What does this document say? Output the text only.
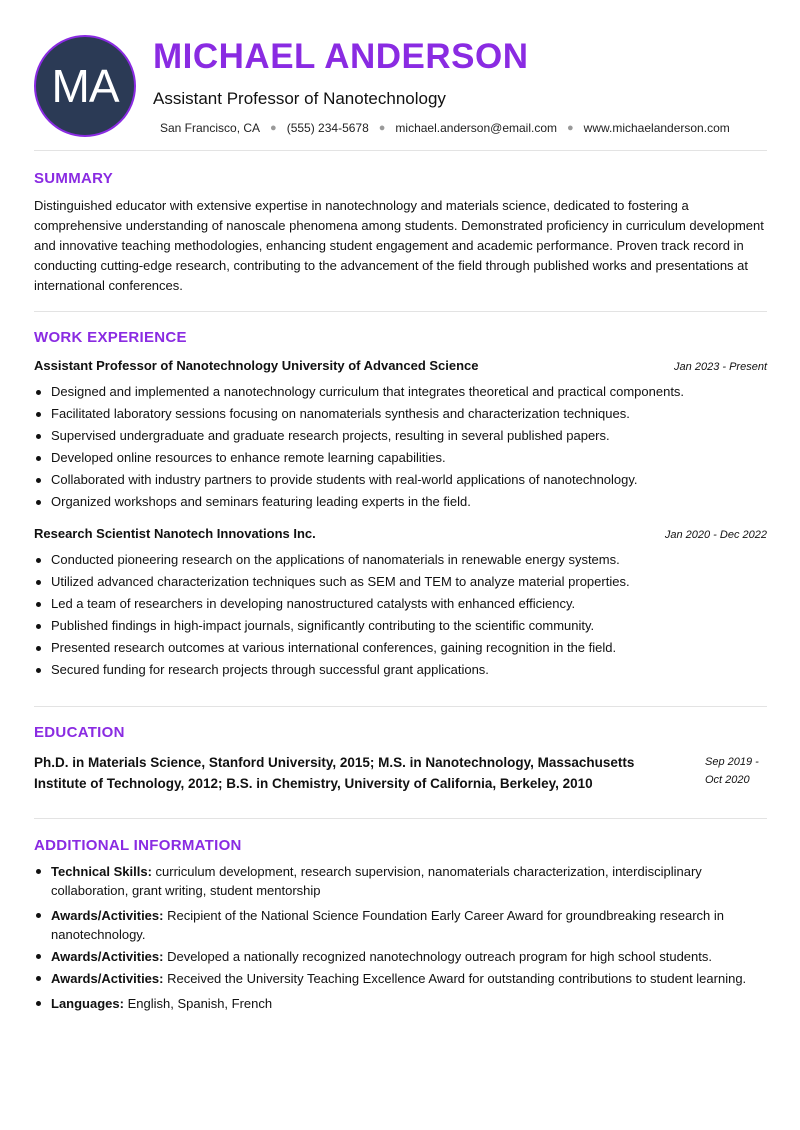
MA
MICHAEL ANDERSON
Assistant Professor of Nanotechnology
San Francisco, CA ● (555) 234-5678 ● michael.anderson@email.com ● www.michaelanderson.com
SUMMARY
Distinguished educator with extensive expertise in nanotechnology and materials science, dedicated to fostering a comprehensive understanding of nanoscale phenomena among students. Demonstrated proficiency in curriculum development and innovative teaching methodologies, enhancing student engagement and academic performance. Proven track record in conducting cutting-edge research, contributing to the advancement of the field through published works and presentations at international conferences.
WORK EXPERIENCE
Assistant Professor of Nanotechnology University of Advanced Science	Jan 2023 - Present
Designed and implemented a nanotechnology curriculum that integrates theoretical and practical components.
Facilitated laboratory sessions focusing on nanomaterials synthesis and characterization techniques.
Supervised undergraduate and graduate research projects, resulting in several published papers.
Developed online resources to enhance remote learning capabilities.
Collaborated with industry partners to provide students with real-world applications of nanotechnology.
Organized workshops and seminars featuring leading experts in the field.
Research Scientist Nanotech Innovations Inc.	Jan 2020 - Dec 2022
Conducted pioneering research on the applications of nanomaterials in renewable energy systems.
Utilized advanced characterization techniques such as SEM and TEM to analyze material properties.
Led a team of researchers in developing nanostructured catalysts with enhanced efficiency.
Published findings in high-impact journals, significantly contributing to the scientific community.
Presented research outcomes at various international conferences, gaining recognition in the field.
Secured funding for research projects through successful grant applications.
EDUCATION
Ph.D. in Materials Science, Stanford University, 2015; M.S. in Nanotechnology, Massachusetts Institute of Technology, 2012; B.S. in Chemistry, University of California, Berkeley, 2010
Sep 2019 -
Oct 2020
ADDITIONAL INFORMATION
Technical Skills: curriculum development, research supervision, nanomaterials characterization, interdisciplinary collaboration, grant writing, student mentorship
Awards/Activities: Recipient of the National Science Foundation Early Career Award for groundbreaking research in nanotechnology.
Awards/Activities: Developed a nationally recognized nanotechnology outreach program for high school students.
Awards/Activities: Received the University Teaching Excellence Award for outstanding contributions to student learning.
Languages: English, Spanish, French
